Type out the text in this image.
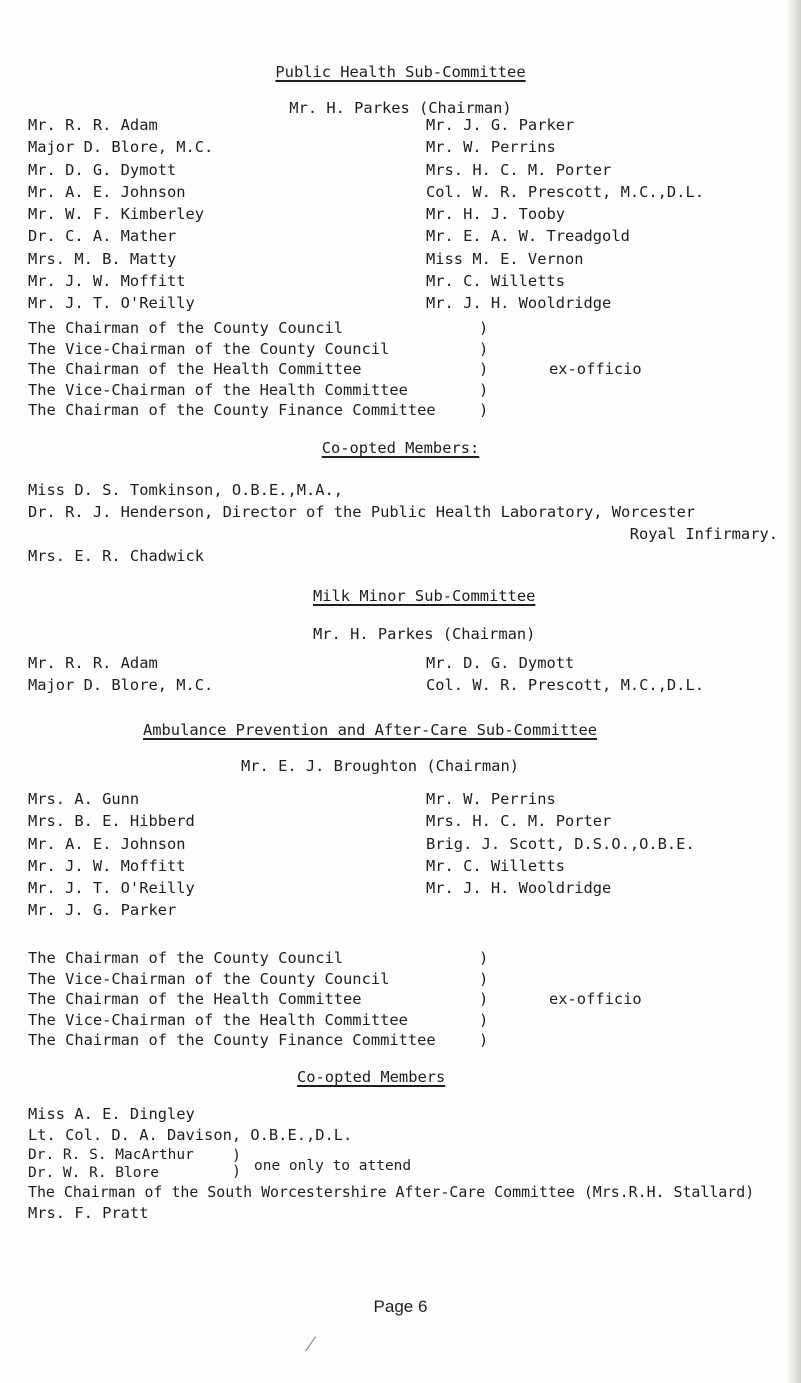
Public Health Sub-Committee
Mr. H. Parkes (Chairman)
Mr. R. R. Adam
Major D. Blore, M.C.
Mr. D. G. Dymott
Mr. A. E. Johnson
Mr. W. F. Kimberley
Dr. C. A. Mather
Mrs. M. B. Matty
Mr. J. W. Moffitt
Mr. J. T. O'Reilly
Mr. J. G. Parker
Mr. W. Perrins
Mrs. H. C. M. Porter
Col. W. R. Prescott, M.C.,D.L.
Mr. H. J. Tooby
Mr. E. A. W. Treadgold
Miss M. E. Vernon
Mr. C. Willetts
Mr. J. H. Wooldridge
The Chairman of the County Council
The Vice-Chairman of the County Council
The Chairman of the Health Committee
The Vice-Chairman of the Health Committee
The Chairman of the County Finance Committee
)
)
)
)
)
ex-officio
Co-opted Members:
Miss D. S. Tomkinson, O.B.E.,M.A.,
Dr. R. J. Henderson, Director of the Public Health Laboratory, Worcester
Royal Infirmary.
Mrs. E. R. Chadwick
Milk Minor Sub-Committee
Mr. H. Parkes (Chairman)
Mr. R. R. Adam
Major D. Blore, M.C.
Mr. D. G. Dymott
Col. W. R. Prescott, M.C.,D.L.
Ambulance Prevention and After-Care Sub-Committee
Mr. E. J. Broughton (Chairman)
Mrs. A. Gunn
Mrs. B. E. Hibberd
Mr. A. E. Johnson
Mr. J. W. Moffitt
Mr. J. T. O'Reilly
Mr. J. G. Parker
Mr. W. Perrins
Mrs. H. C. M. Porter
Brig. J. Scott, D.S.O.,O.B.E.
Mr. C. Willetts
Mr. J. H. Wooldridge
The Chairman of the County Council
The Vice-Chairman of the County Council
The Chairman of the Health Committee
The Vice-Chairman of the Health Committee
The Chairman of the County Finance Committee
)
)
)
)
)
ex-officio
Co-opted Members
Miss A. E. Dingley
Lt. Col. D. A. Davison, O.B.E.,D.L.
Dr. R. S. MacArthur
Dr. W. R. Blore
)
) one only to attend
The Chairman of the South Worcestershire After-Care Committee (Mrs.R.H. Stallard)
Mrs. F. Pratt
Page 6
